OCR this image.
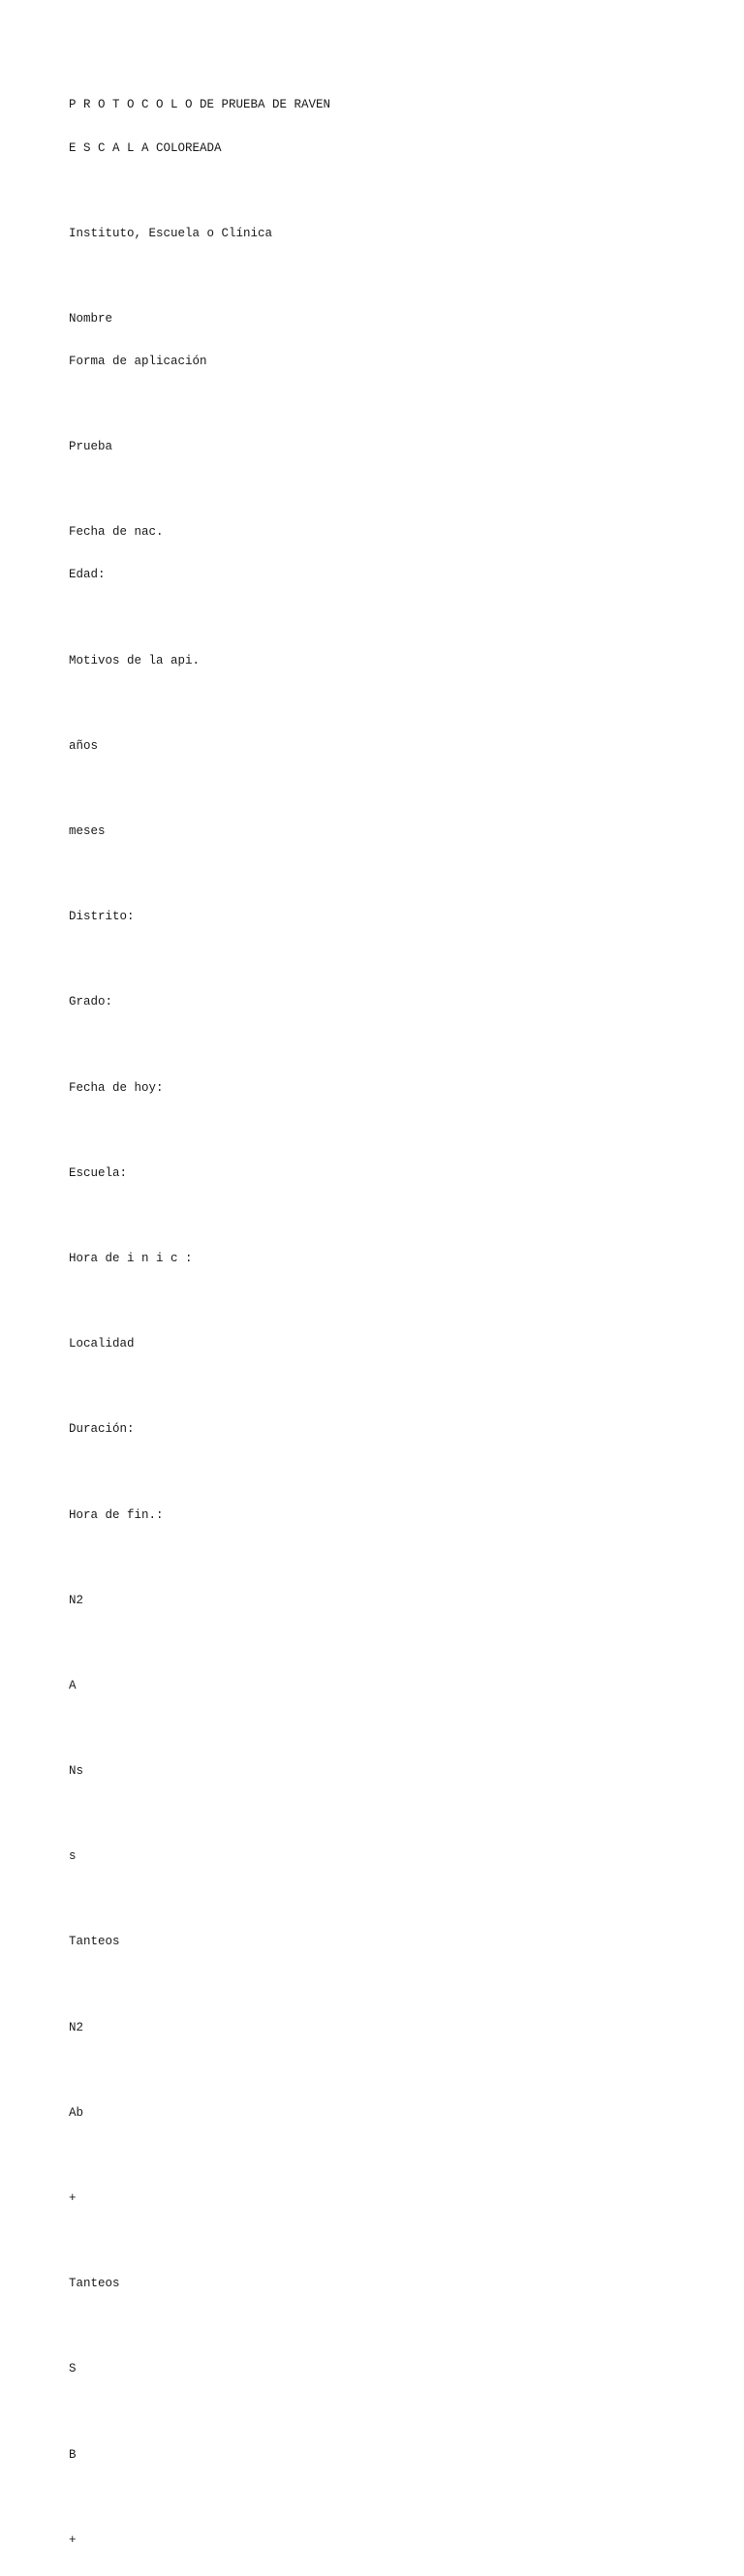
P R O T O C O L O DE PRUEBA DE RAVEN

E S C A L A COLOREADA

Instituto, Escuela o Clínica

Nombre

Forma de aplicación

Prueba

Fecha de nac.

Edad:

Motivos de la api.

años

meses

Distrito:

Grado:

Fecha de hoy:

Escuela:

Hora de i n i c :

Localidad

Duración:

Hora de fin.:

N2

A

Ns

s

Tanteos

N2

Ab

+

Tanteos

S

B

+
